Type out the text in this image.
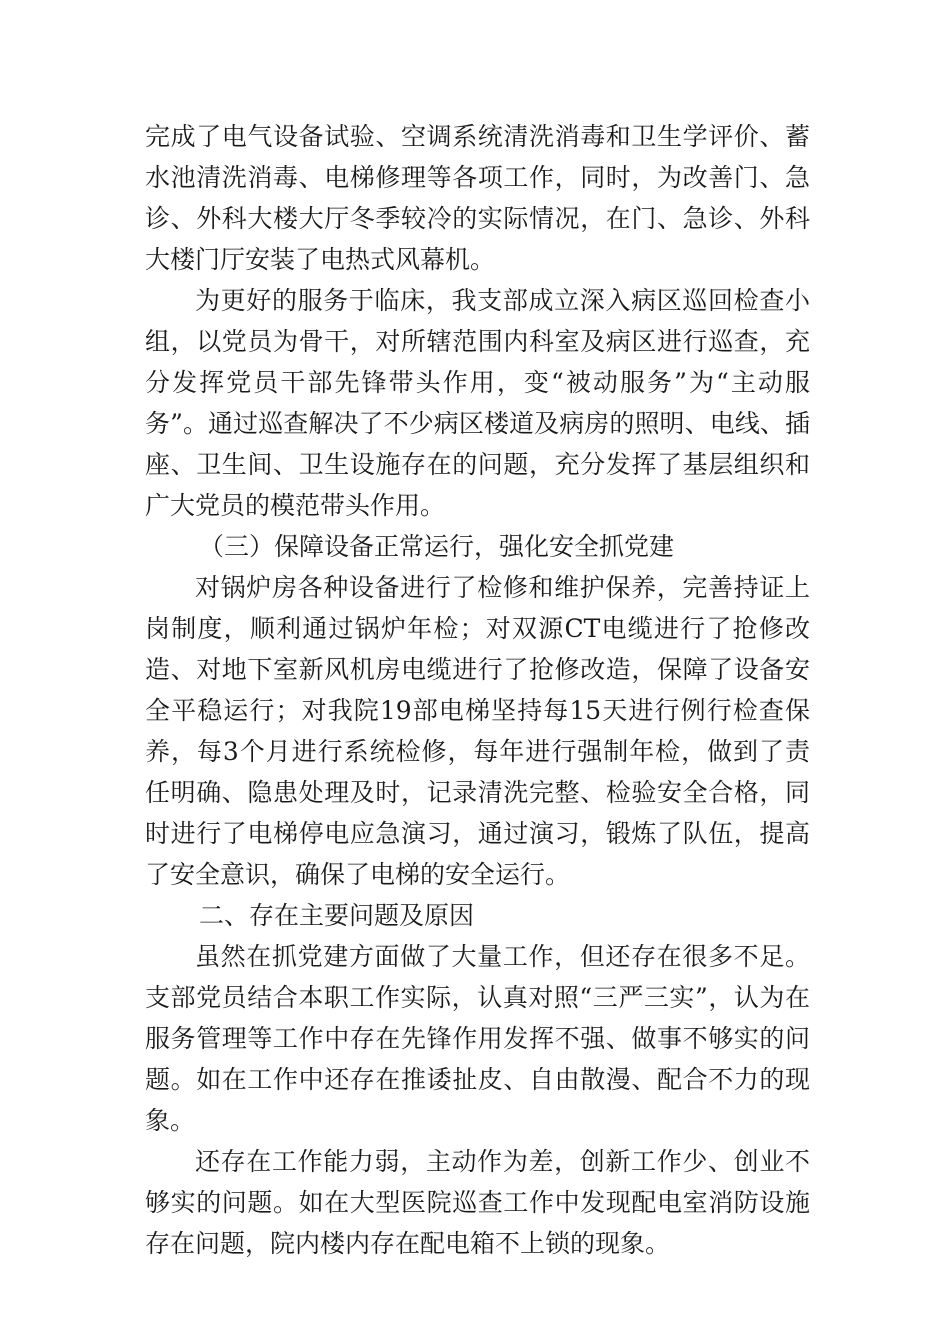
完成了电气设备试验、空调系统清洗消毒和卫生学评价、蓄水池清洗消毒、电梯修理等各项工作，同时，为改善门、急诊、外科大楼大厅冬季较冷的实际情况，在门、急诊、外科大楼门厅安装了电热式风幕机。

为更好的服务于临床，我支部成立深入病区巡回检查小组，以党员为骨干，对所辖范围内科室及病区进行巡查，充分发挥党员干部先锋带头作用，变“被动服务”为“主动服务”。通过巡查解决了不少病区楼道及病房的照明、电线、插座、卫生间、卫生设施存在的问题，充分发挥了基层组织和广大党员的模范带头作用。

（三）保障设备正常运行，强化安全抓党建

对锅炉房各种设备进行了检修和维护保养，完善持证上岗制度，顺利通过锅炉年检；对双源CT电缆进行了抢修改造、对地下室新风机房电缆进行了抢修改造，保障了设备安全平稳运行；对我院19部电梯坚持每15天进行例行检查保养，每3个月进行系统检修，每年进行强制年检，做到了责任明确、隐患处理及时，记录清洗完整、检验安全合格，同时进行了电梯停电应急演习，通过演习，锻炼了队伍，提高了安全意识，确保了电梯的安全运行。

二、存在主要问题及原因

虽然在抓党建方面做了大量工作，但还存在很多不足。支部党员结合本职工作实际，认真对照“三严三实”，认为在服务管理等工作中存在先锋作用发挥不强、做事不够实的问题。如在工作中还存在推诿扯皮、自由散漫、配合不力的现象。

还存在工作能力弱，主动作为差，创新工作少、创业不够实的问题。如在大型医院巡查工作中发现配电室消防设施存在问题，院内楼内存在配电箱不上锁的现象。
